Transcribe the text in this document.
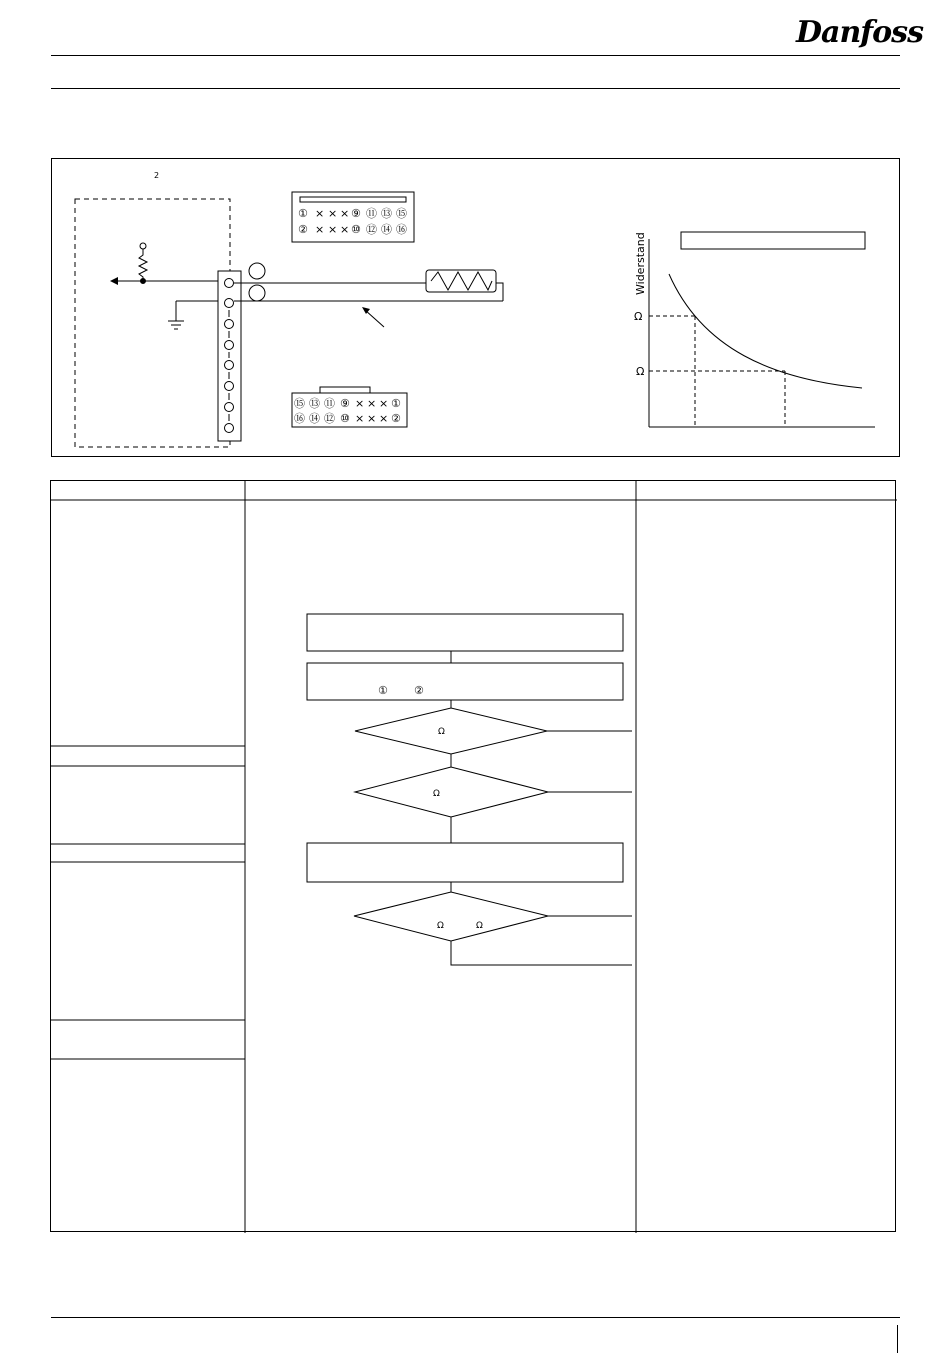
Danfoss
2
① × × × ⑨ ⑪ ⑬ ⑮
② × × × ⑩ ⑫ ⑭ ⑯
⑮ ⑬ ⑪ ⑨ × × × ①
⑯ ⑭ ⑫ ⑩ × × × ②
Widerstand
Ω
Ω
① ②
Ω
Ω
Ω	Ω
